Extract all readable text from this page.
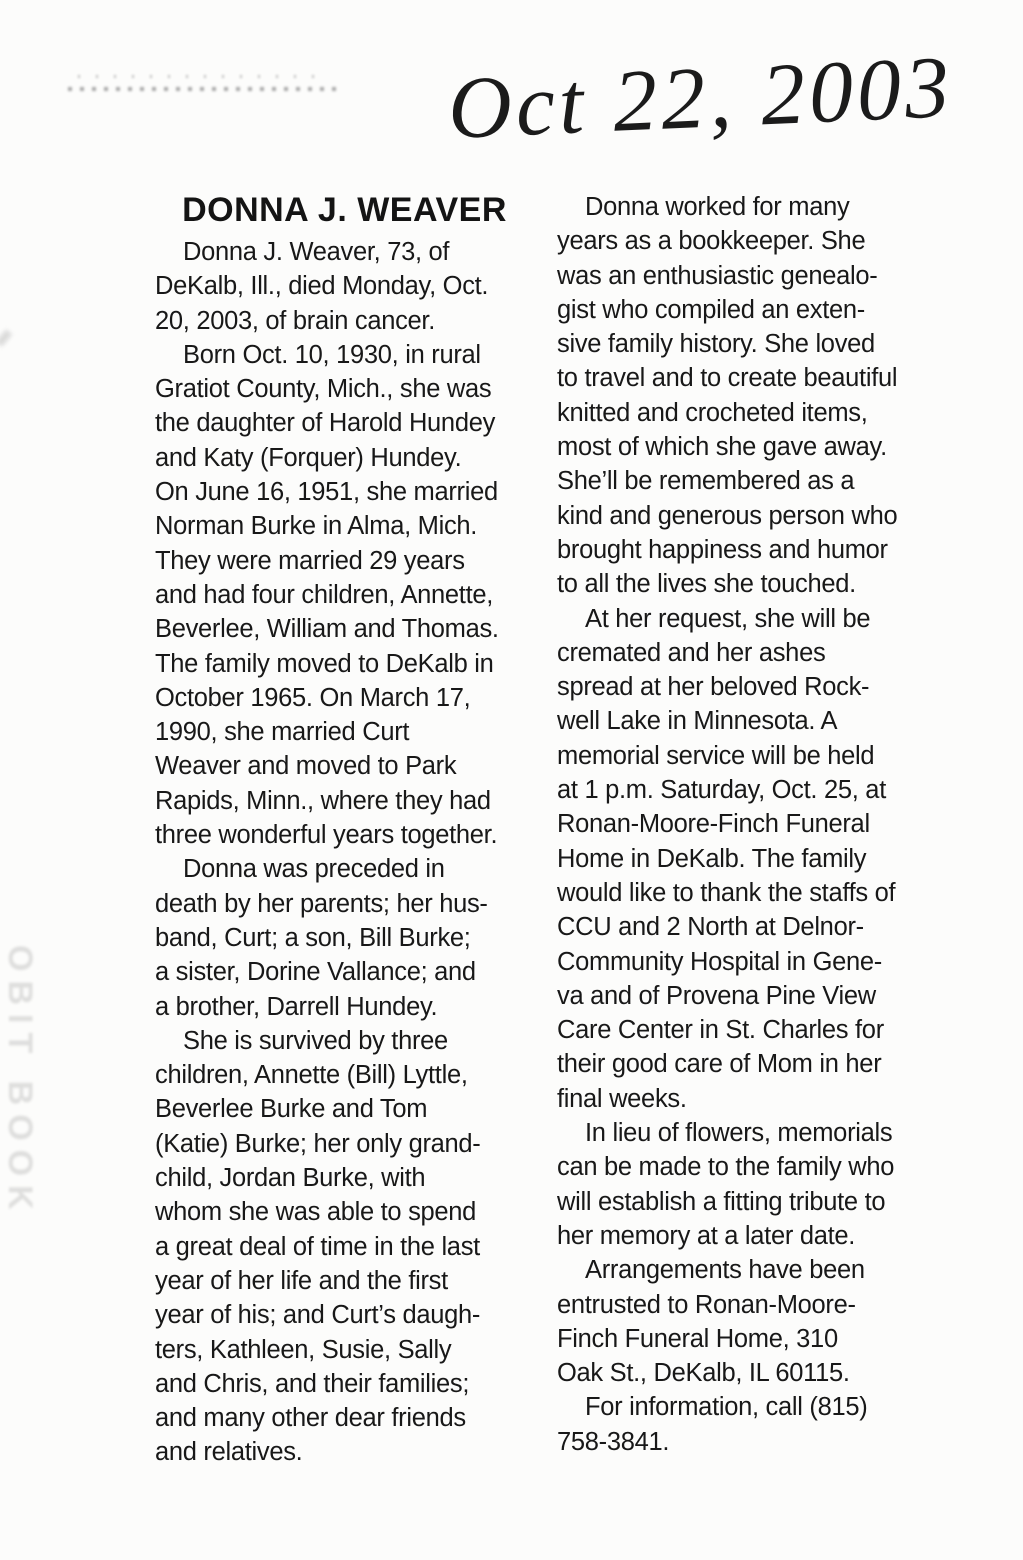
Oct 22, 2003
OBIT BOOK
DONNA J. WEAVER

Donna J. Weaver, 73, of
DeKalb, Ill., died Monday, Oct.
20, 2003, of brain cancer.

Born Oct. 10, 1930, in rural
Gratiot County, Mich., she was
the daughter of Harold Hundey
and Katy (Forquer) Hundey.
On June 16, 1951, she married
Norman Burke in Alma, Mich.
They were married 29 years
and had four children, Annette,
Beverlee, William and Thomas.
The family moved to DeKalb in
October 1965. On March 17,
1990, she married Curt
Weaver and moved to Park
Rapids, Minn., where they had
three wonderful years together.

Donna was preceded in
death by her parents; her hus-
band, Curt; a son, Bill Burke;
a sister, Dorine Vallance; and
a brother, Darrell Hundey.

She is survived by three
children, Annette (Bill) Lyttle,
Beverlee Burke and Tom
(Katie) Burke; her only grand-
child, Jordan Burke, with
whom she was able to spend
a great deal of time in the last
year of her life and the first
year of his; and Curt’s daugh-
ters, Kathleen, Susie, Sally
and Chris, and their families;
and many other dear friends
and relatives.

Donna worked for many
years as a bookkeeper. She
was an enthusiastic genealo-
gist who compiled an exten-
sive family history. She loved
to travel and to create beautiful
knitted and crocheted items,
most of which she gave away.
She’ll be remembered as a
kind and generous person who
brought happiness and humor
to all the lives she touched.

At her request, she will be
cremated and her ashes
spread at her beloved Rock-
well Lake in Minnesota. A
memorial service will be held
at 1 p.m. Saturday, Oct. 25, at
Ronan-Moore-Finch Funeral
Home in DeKalb. The family
would like to thank the staffs of
CCU and 2 North at Delnor-
Community Hospital in Gene-
va and of Provena Pine View
Care Center in St. Charles for
their good care of Mom in her
final weeks.

In lieu of flowers, memorials
can be made to the family who
will establish a fitting tribute to
her memory at a later date.

Arrangements have been
entrusted to Ronan-Moore-
Finch Funeral Home, 310
Oak St., DeKalb, IL 60115.

For information, call (815)
758-3841.
